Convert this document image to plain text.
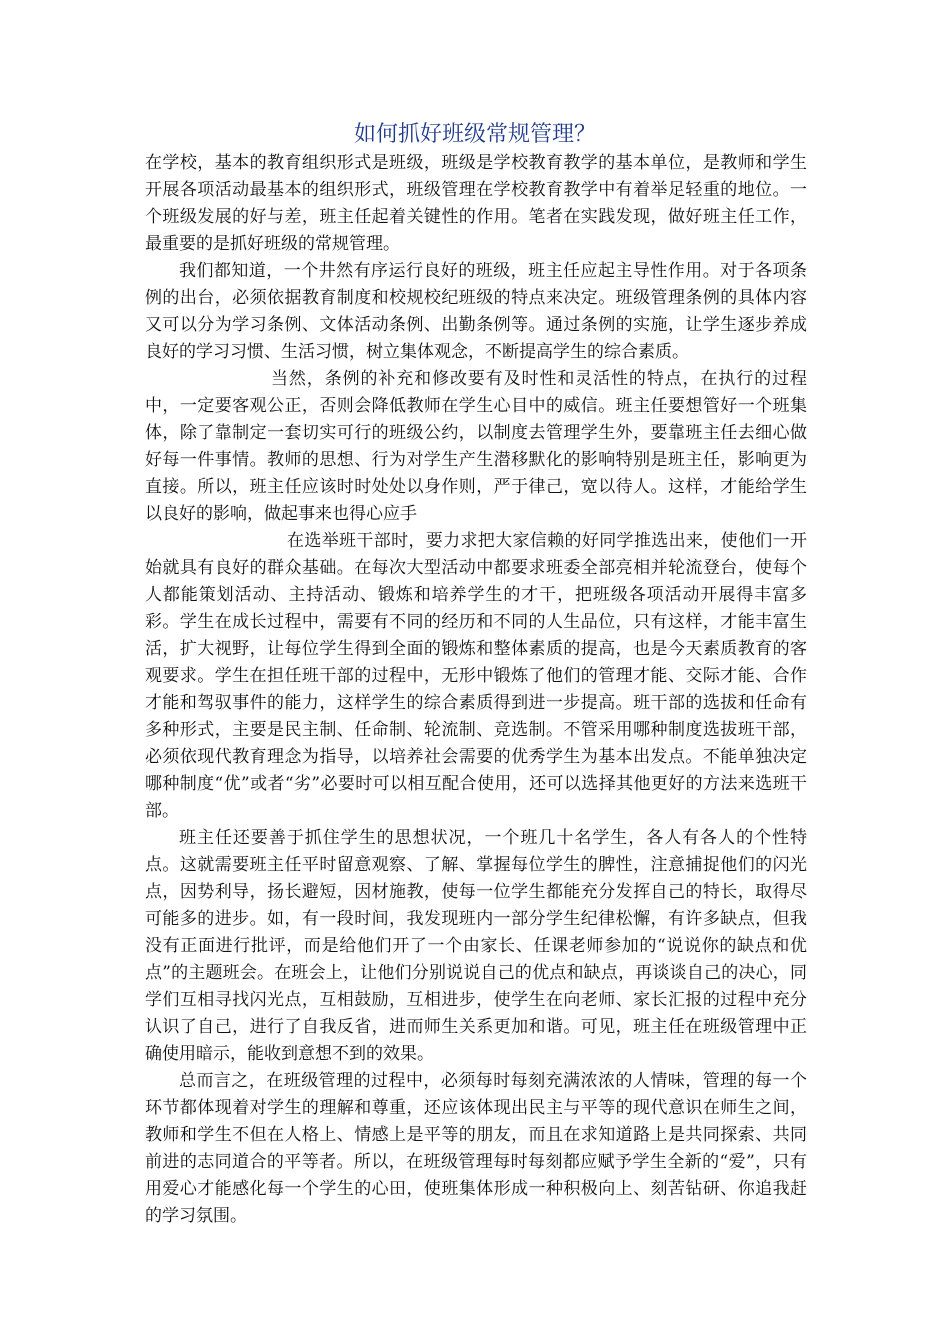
如何抓好班级常规管理？

在学校，基本的教育组织形式是班级，班级是学校教育教学的基本单位，是教师和学生开展各项活动最基本的组织形式，班级管理在学校教育教学中有着举足轻重的地位。一个班级发展的好与差，班主任起着关键性的作用。笔者在实践发现，做好班主任工作，最重要的是抓好班级的常规管理。

我们都知道，一个井然有序运行良好的班级，班主任应起主导性作用。对于各项条例的出台，必须依据教育制度和校规校纪班级的特点来决定。班级管理条例的具体内容又可以分为学习条例、文体活动条例、出勤条例等。通过条例的实施，让学生逐步养成良好的学习习惯、生活习惯，树立集体观念，不断提高学生的综合素质。

当然，条例的补充和修改要有及时性和灵活性的特点，在执行的过程中，一定要客观公正，否则会降低教师在学生心目中的威信。班主任要想管好一个班集体，除了靠制定一套切实可行的班级公约，以制度去管理学生外，要靠班主任去细心做好每一件事情。教师的思想、行为对学生产生潜移默化的影响特别是班主任，影响更为直接。所以，班主任应该时时处处以身作则，严于律己，宽以待人。这样，才能给学生以良好的影响，做起事来也得心应手

在选举班干部时，要力求把大家信赖的好同学推选出来，使他们一开始就具有良好的群众基础。在每次大型活动中都要求班委全部亮相并轮流登台，使每个人都能策划活动、主持活动、锻炼和培养学生的才干，把班级各项活动开展得丰富多彩。学生在成长过程中，需要有不同的经历和不同的人生品位，只有这样，才能丰富生活，扩大视野，让每位学生得到全面的锻炼和整体素质的提高，也是今天素质教育的客观要求。学生在担任班干部的过程中，无形中锻炼了他们的管理才能、交际才能、合作才能和驾驭事件的能力，这样学生的综合素质得到进一步提高。班干部的选拔和任命有多种形式，主要是民主制、任命制、轮流制、竞选制。不管采用哪种制度选拔班干部，必须依现代教育理念为指导，以培养社会需要的优秀学生为基本出发点。不能单独决定哪种制度“优”或者“劣”必要时可以相互配合使用，还可以选择其他更好的方法来选班干部。

班主任还要善于抓住学生的思想状况，一个班几十名学生，各人有各人的个性特点。这就需要班主任平时留意观察、了解、掌握每位学生的脾性，注意捕捉他们的闪光点，因势利导，扬长避短，因材施教，使每一位学生都能充分发挥自己的特长，取得尽可能多的进步。如，有一段时间，我发现班内一部分学生纪律松懈，有许多缺点，但我没有正面进行批评，而是给他们开了一个由家长、任课老师参加的“说说你的缺点和优点”的主题班会。在班会上，让他们分别说说自己的优点和缺点，再谈谈自己的决心，同学们互相寻找闪光点，互相鼓励，互相进步，使学生在向老师、家长汇报的过程中充分认识了自己，进行了自我反省，进而师生关系更加和谐。可见，班主任在班级管理中正确使用暗示，能收到意想不到的效果。

总而言之，在班级管理的过程中，必须每时每刻充满浓浓的人情味，管理的每一个环节都体现着对学生的理解和尊重，还应该体现出民主与平等的现代意识在师生之间，教师和学生不但在人格上、情感上是平等的朋友，而且在求知道路上是共同探索、共同前进的志同道合的平等者。所以，在班级管理每时每刻都应赋予学生全新的“爱”，只有用爱心才能感化每一个学生的心田，使班集体形成一种积极向上、刻苦钻研、你追我赶的学习氛围。
